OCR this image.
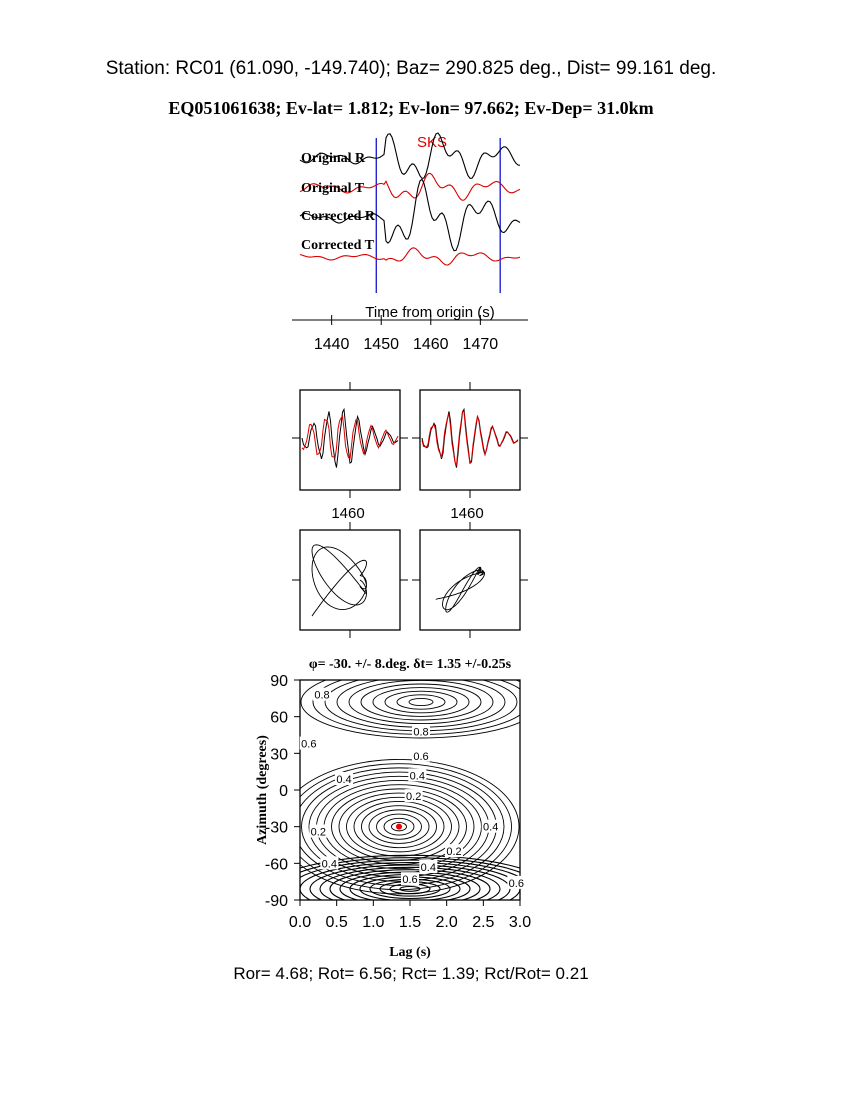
Station: RC01 (61.090, -149.740); Baz= 290.825 deg., Dist= 99.161 deg.
EQ051061638; Ev-lat= 1.812; Ev-lon= 97.662; Ev-Dep= 31.0km
SKS
Original R
Original T
Corrected R
Corrected T
Time from origin (s)
1440 1450 1460 1470
1460	1460
φ= -30. +/- 8.deg. δt= 1.35 +/-0.25s
0.8
0.8
0.6
0.6
0.4	0.4
0.2
0.2	0.4
0.2
0.4
0.4
0.6	0.6
0.0 0.5 1.0 1.5 2.0 2.5 3.0
90
60
30
0
-30
-60
-90
Lag (s)
Azimuth (degrees)
Ror= 4.68; Rot= 6.56; Rct= 1.39; Rct/Rot= 0.21
